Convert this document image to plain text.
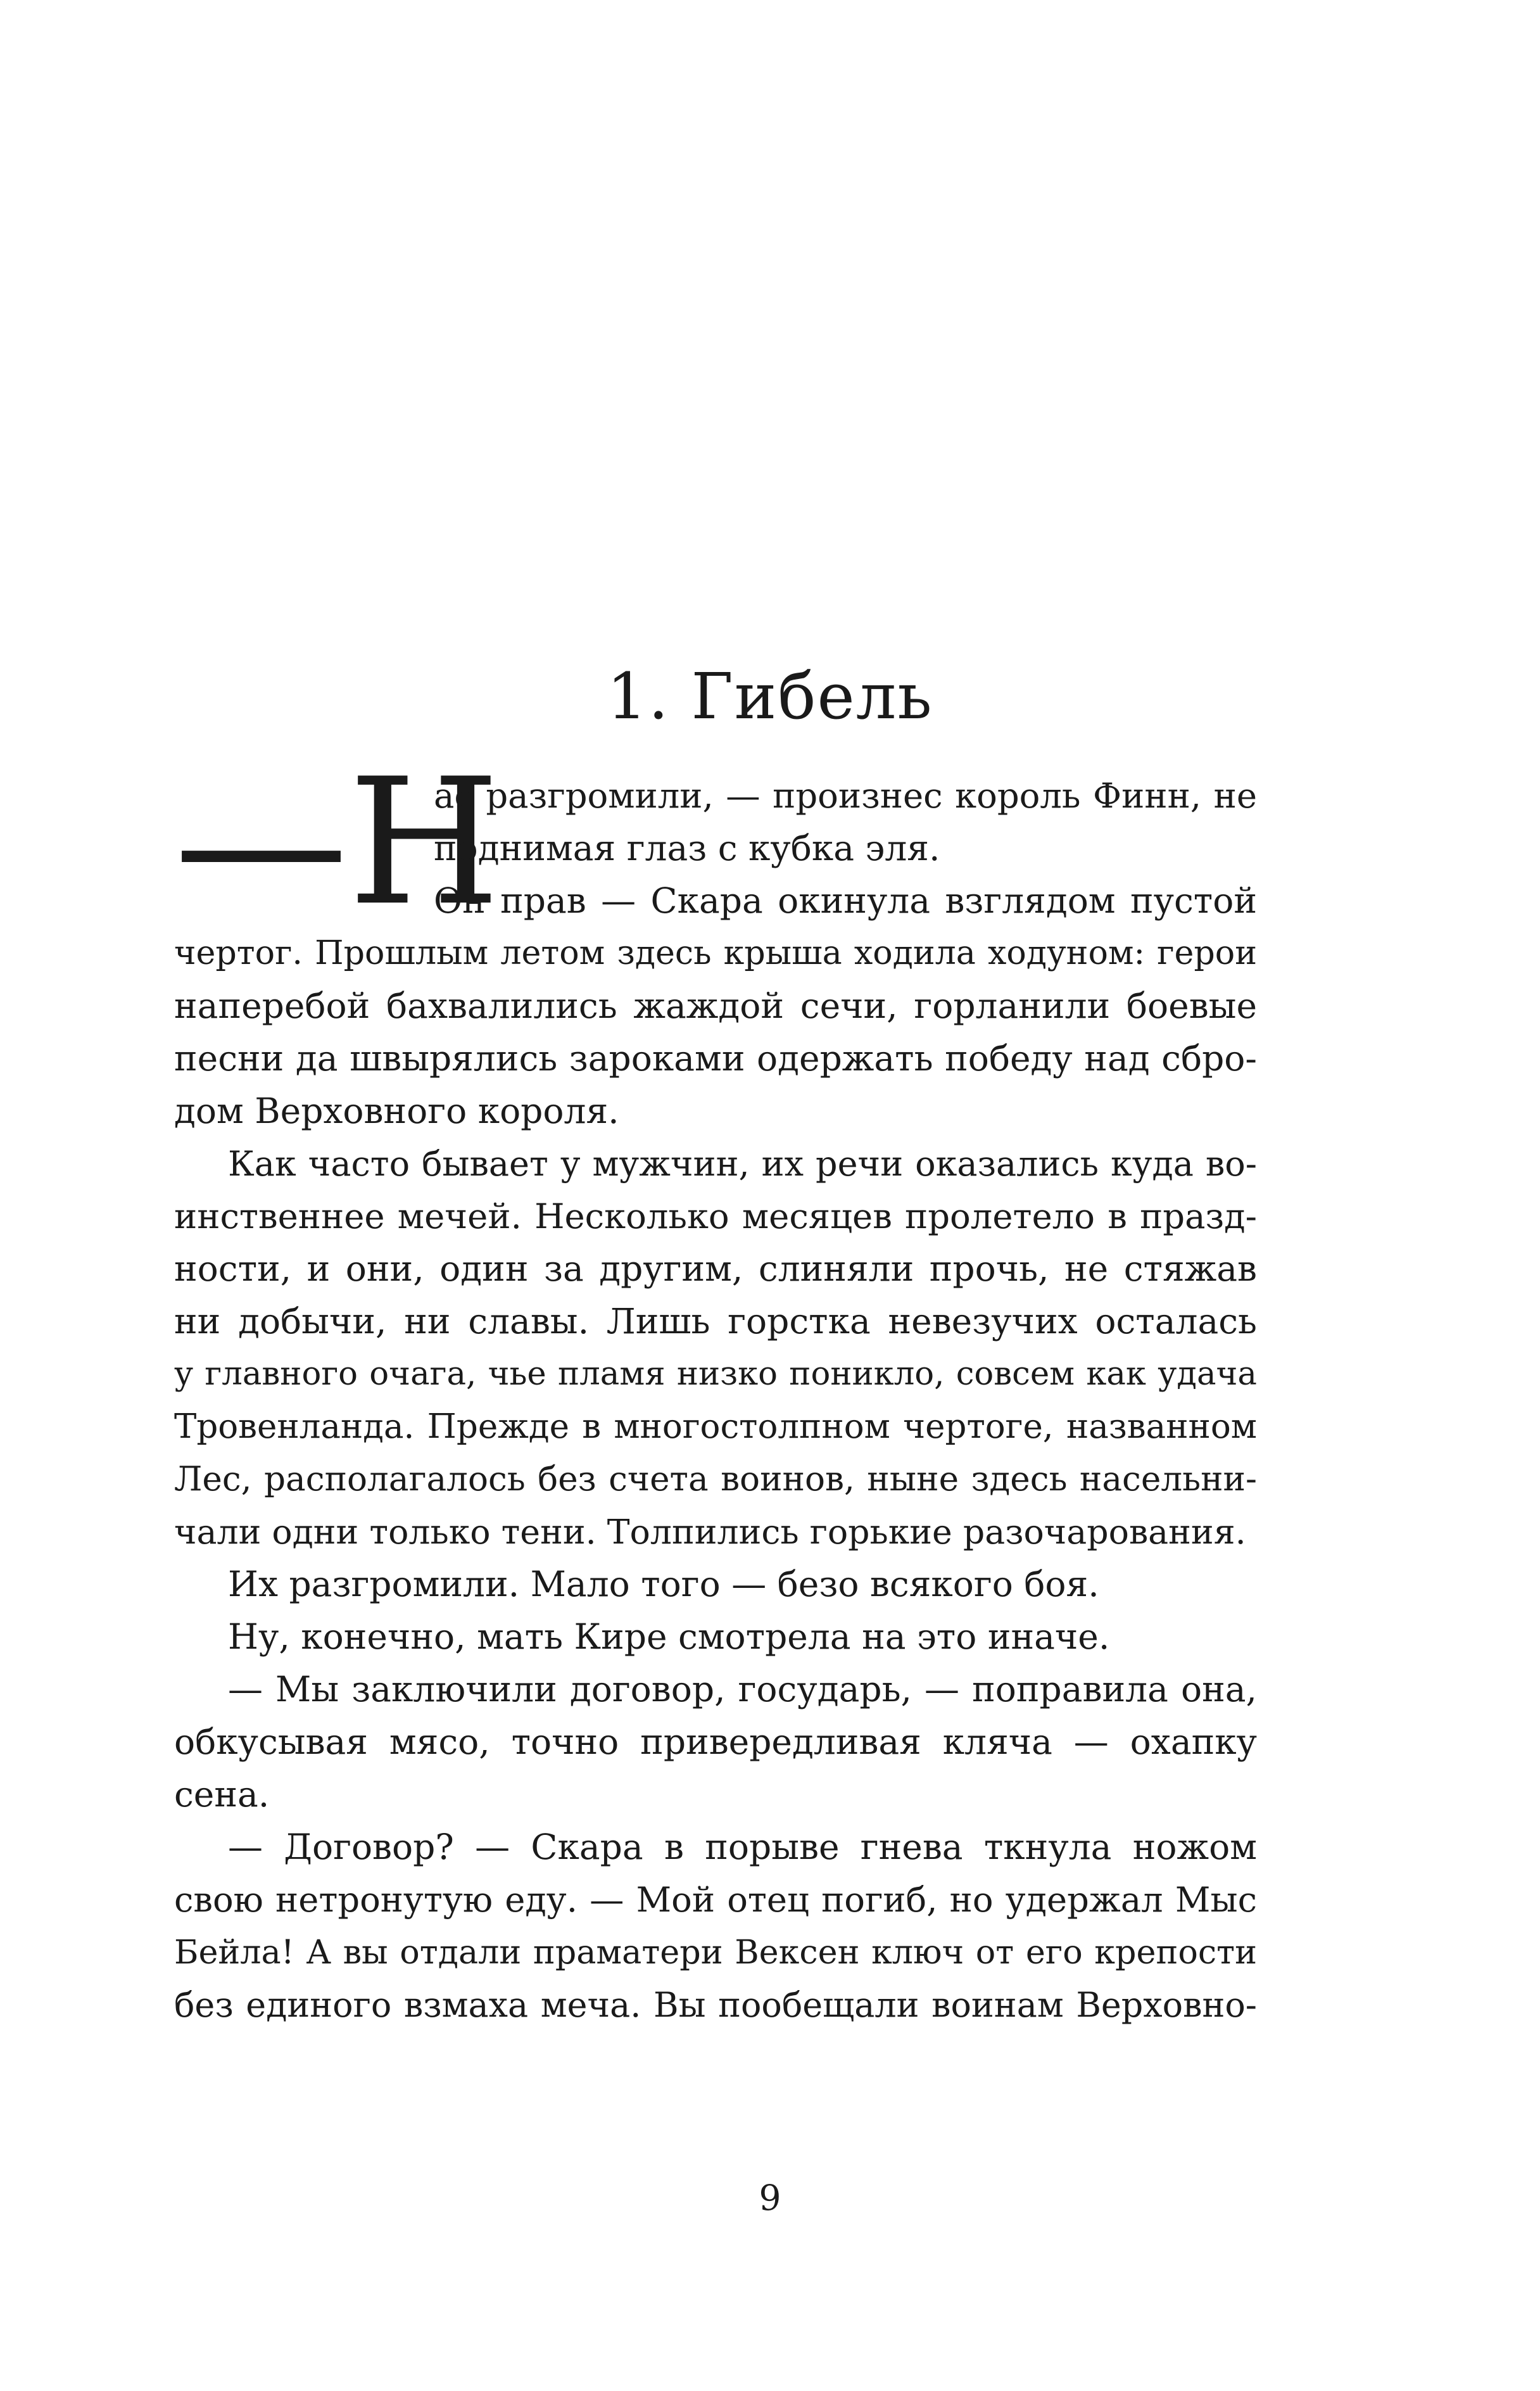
1. Гибель
—Н
ас разгромили, — произнес король Финн, не
поднимая глаз с кубка эля.
Он прав — Скара окинула взглядом пустой
чертог. Прошлым летом здесь крыша ходила ходуном: герои
наперебой бахвалились жаждой сечи, горланили боевые
песни да швырялись зароками одержать победу над сбро-
дом Верховного короля.
Как часто бывает у мужчин, их речи оказались куда во-
инственнее мечей. Несколько месяцев пролетело в празд-
ности, и они, один за другим, слиняли прочь, не стяжав
ни добычи, ни славы. Лишь горстка невезучих осталась
у главного очага, чье пламя низко поникло, совсем как удача
Тровенланда. Прежде в многостолпном чертоге, названном
Лес, располагалось без счета воинов, ныне здесь насельни-
чали одни только тени. Толпились горькие разочарования.
Их разгромили. Мало того — безо всякого боя.
Ну, конечно, мать Кире смотрела на это иначе.
— Мы заключили договор, государь, — поправила она,
обкусывая мясо, точно привередливая кляча — охапку
сена.
— Договор? — Скара в порыве гнева ткнула ножом
свою нетронутую еду. — Мой отец погиб, но удержал Мыс
Бейла! А вы отдали праматери Вексен ключ от его крепости
без единого взмаха меча. Вы пообещали воинам Верховно-
9
